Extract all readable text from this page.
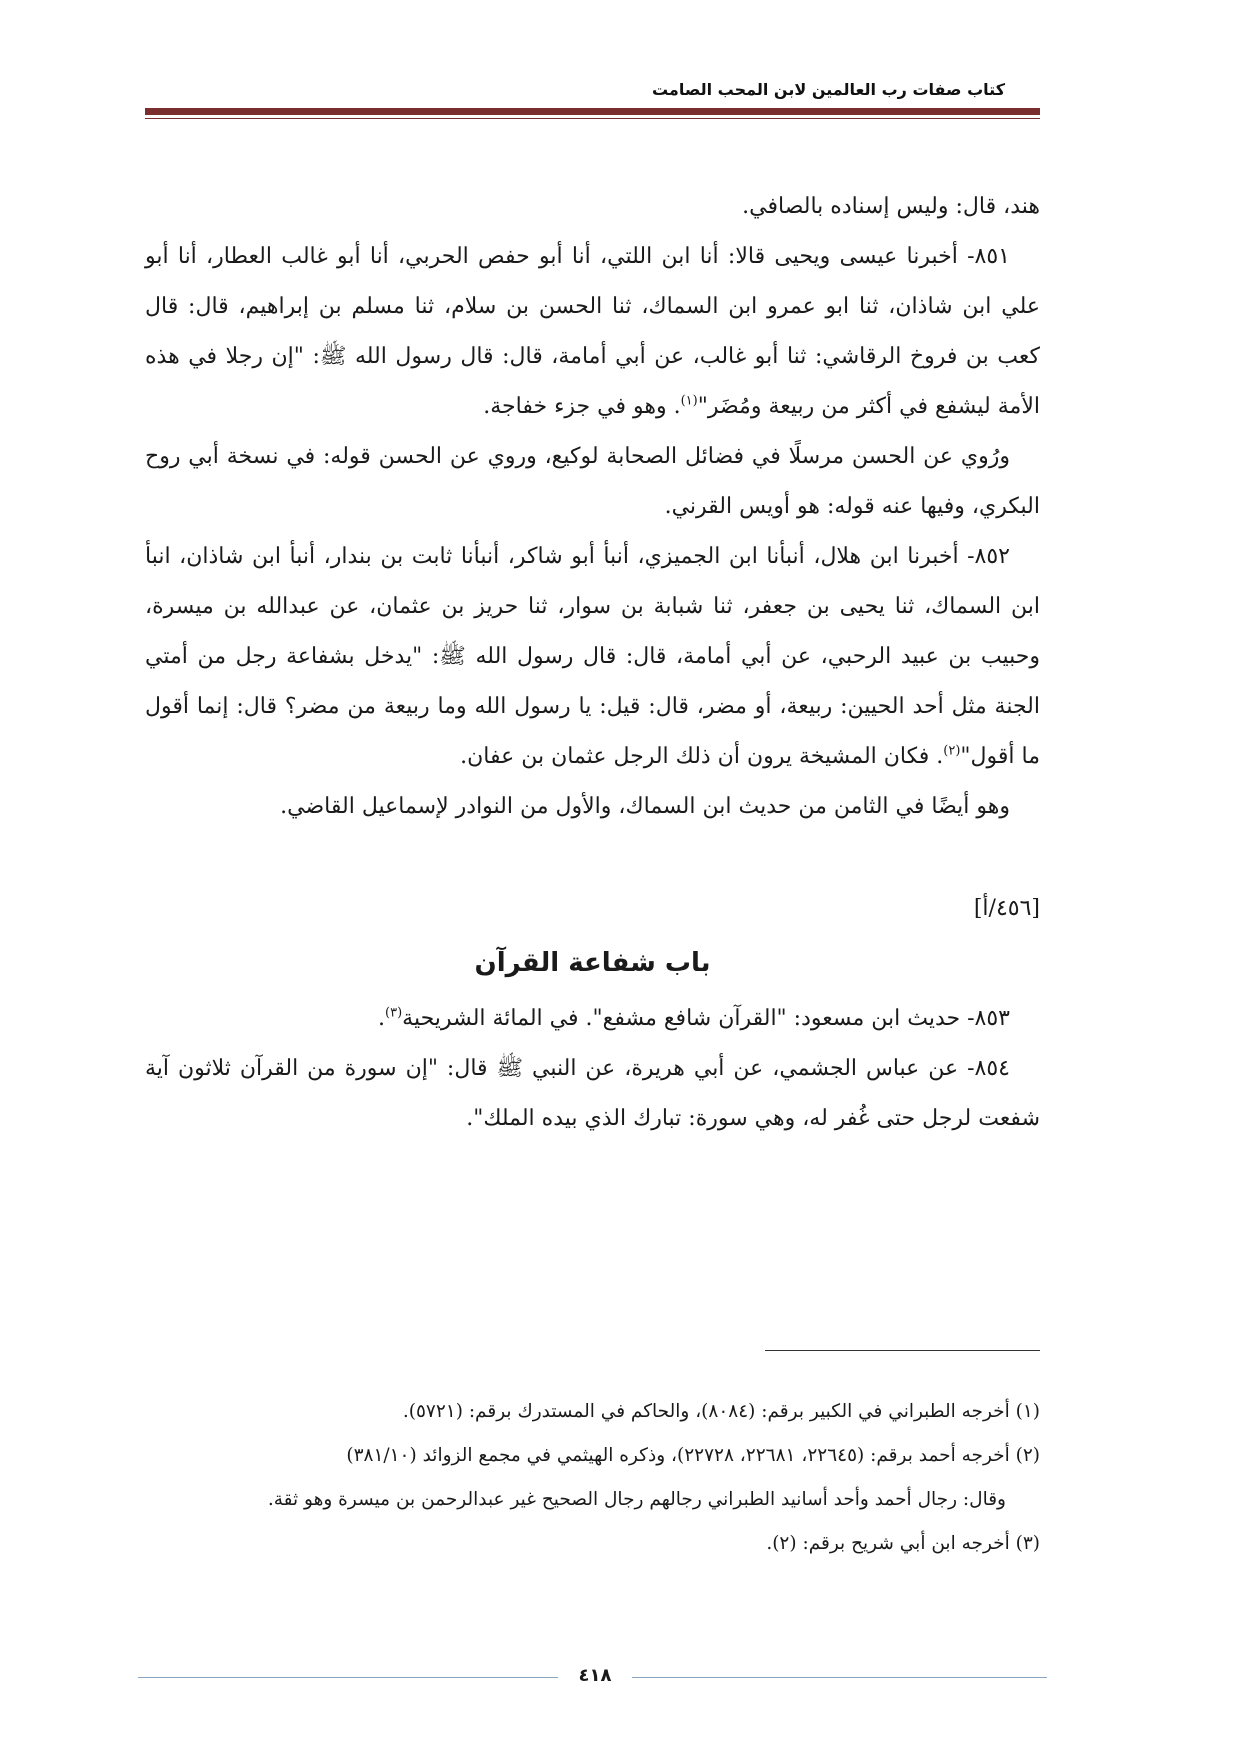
كتاب صفات رب العالمين لابن المحب الصامت

هند، قال: وليس إسناده بالصافي.

٨٥١- أخبرنا عيسى ويحيى قالا: أنا ابن اللتي، أنا أبو حفص الحربي، أنا أبو غالب العطار، أنا أبو علي ابن شاذان، ثنا ابو عمرو ابن السماك، ثنا الحسن بن سلام، ثنا مسلم بن إبراهيم، قال: قال كعب بن فروخ الرقاشي: ثنا أبو غالب، عن أبي أمامة، قال: قال رسول الله ﷺ: "إن رجلا في هذه الأمة ليشفع في أكثر من ربيعة ومُضَر"$^{(١)}$. وهو في جزء خفاجة.

ورُوي عن الحسن مرسلًا في فضائل الصحابة لوكيع، وروي عن الحسن قوله: في نسخة أبي روح البكري، وفيها عنه قوله: هو أويس القرني.

٨٥٢- أخبرنا ابن هلال، أنبأنا ابن الجميزي، أنبأ أبو شاكر، أنبأنا ثابت بن بندار، أنبأ ابن شاذان، انبأ ابن السماك، ثنا يحيى بن جعفر، ثنا شبابة بن سوار، ثنا حريز بن عثمان، عن عبدالله بن ميسرة، وحبيب بن عبيد الرحبي، عن أبي أمامة، قال: قال رسول الله ﷺ: "يدخل بشفاعة رجل من أمتي الجنة مثل أحد الحيين: ربيعة، أو مضر، قال: قيل: يا رسول الله وما ربيعة من مضر؟ قال: إنما أقول ما أقول"$^{(٢)}$. فكان المشيخة يرون أن ذلك الرجل عثمان بن عفان.

وهو أيضًا في الثامن من حديث ابن السماك، والأول من النوادر لإسماعيل القاضي.

[٤٥٦/أ]

باب شفاعة القرآن

٨٥٣- حديث ابن مسعود: "القرآن شافع مشفع". في المائة الشريحية$^{(٣)}$.

٨٥٤- عن عباس الجشمي، عن أبي هريرة، عن النبي ﷺ قال: "إن سورة من القرآن ثلاثون آية شفعت لرجل حتى غُفر له، وهي سورة: تبارك الذي بيده الملك".

(١) أخرجه الطبراني في الكبير برقم: (٨٠٨٤)، والحاكم في المستدرك برقم: (٥٧٢١).

(٢) أخرجه أحمد برقم: (٢٢٦٤٥، ٢٢٦٨١، ٢٢٧٢٨)، وذكره الهيثمي في مجمع الزوائد (٣٨١/١٠)

وقال: رجال أحمد وأحد أسانيد الطبراني رجالهم رجال الصحيح غير عبدالرحمن بن ميسرة وهو ثقة.

(٣) أخرجه ابن أبي شريح برقم: (٢).

٤١٨
